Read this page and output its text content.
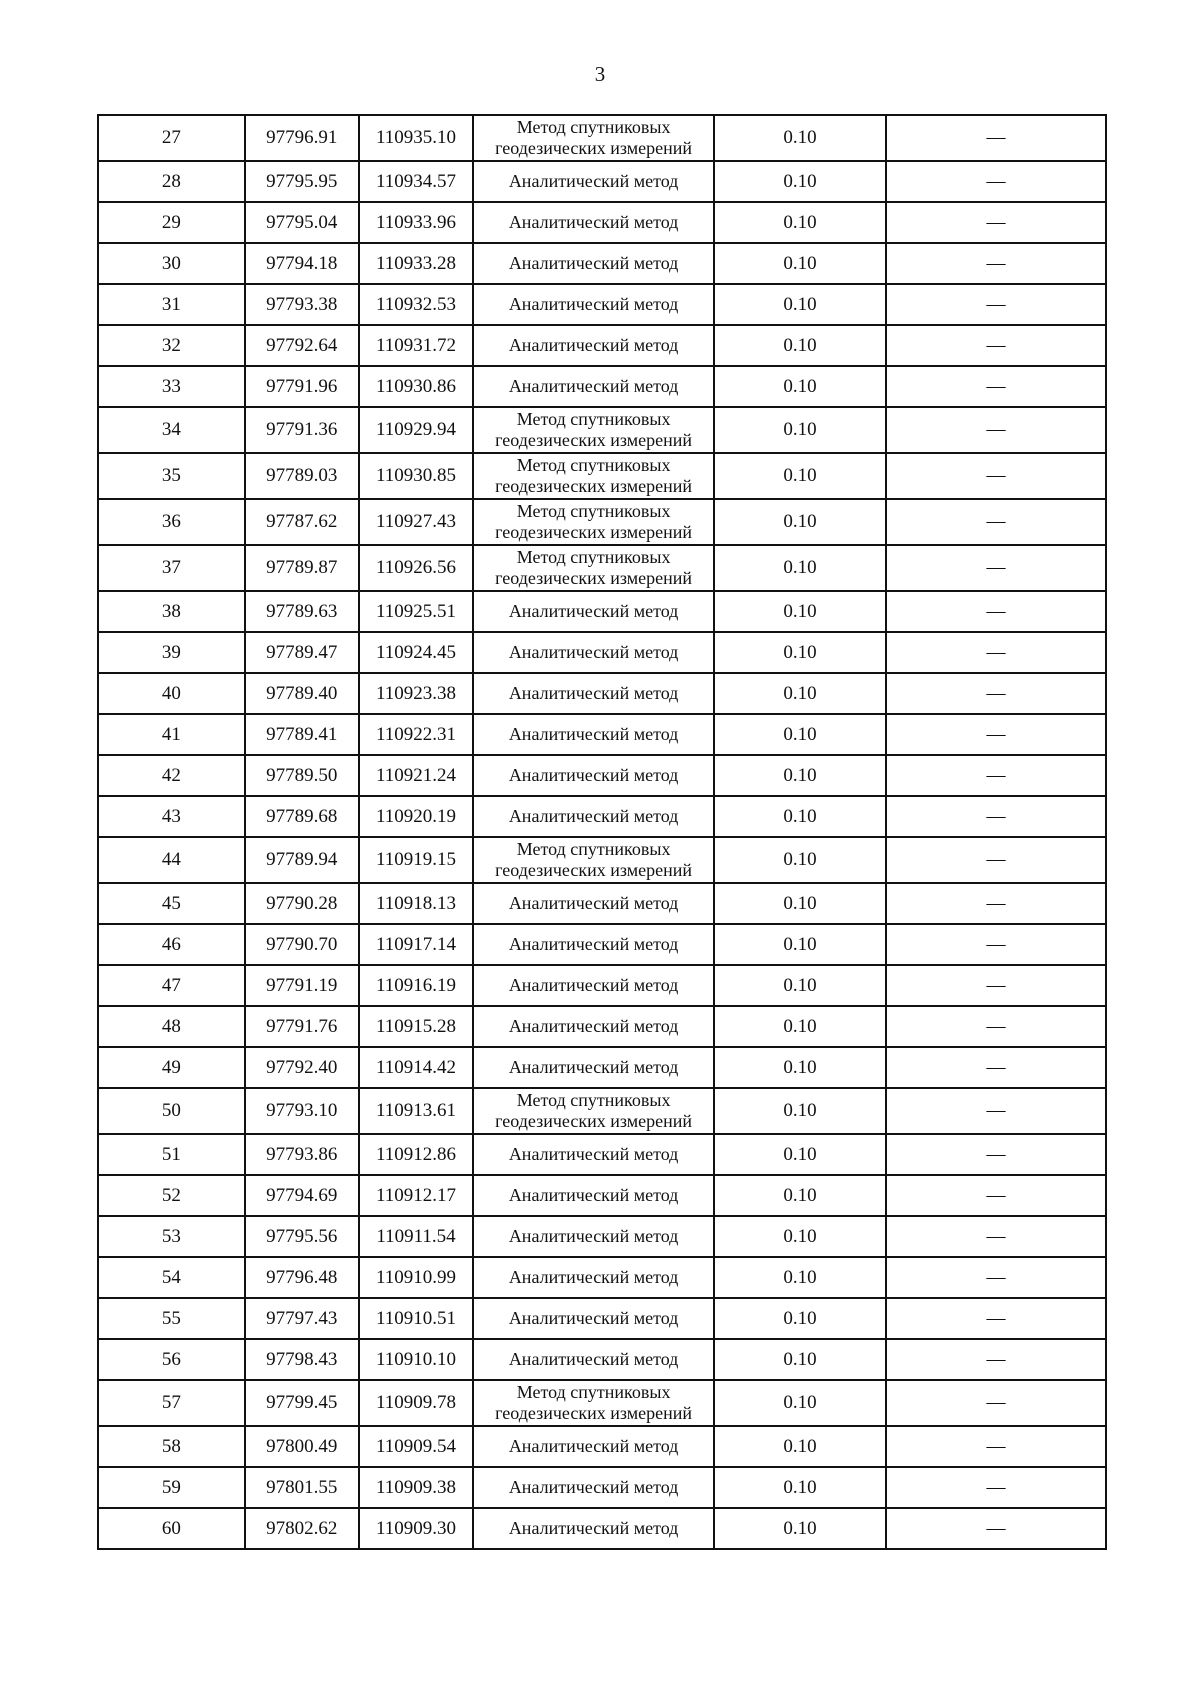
3
27	97796.91	110935.10	Метод спутниковых геодезических измерений	0.10	—
28	97795.95	110934.57	Аналитический метод	0.10	—
29	97795.04	110933.96	Аналитический метод	0.10	—
30	97794.18	110933.28	Аналитический метод	0.10	—
31	97793.38	110932.53	Аналитический метод	0.10	—
32	97792.64	110931.72	Аналитический метод	0.10	—
33	97791.96	110930.86	Аналитический метод	0.10	—
34	97791.36	110929.94	Метод спутниковых геодезических измерений	0.10	—
35	97789.03	110930.85	Метод спутниковых геодезических измерений	0.10	—
36	97787.62	110927.43	Метод спутниковых геодезических измерений	0.10	—
37	97789.87	110926.56	Метод спутниковых геодезических измерений	0.10	—
38	97789.63	110925.51	Аналитический метод	0.10	—
39	97789.47	110924.45	Аналитический метод	0.10	—
40	97789.40	110923.38	Аналитический метод	0.10	—
41	97789.41	110922.31	Аналитический метод	0.10	—
42	97789.50	110921.24	Аналитический метод	0.10	—
43	97789.68	110920.19	Аналитический метод	0.10	—
44	97789.94	110919.15	Метод спутниковых геодезических измерений	0.10	—
45	97790.28	110918.13	Аналитический метод	0.10	—
46	97790.70	110917.14	Аналитический метод	0.10	—
47	97791.19	110916.19	Аналитический метод	0.10	—
48	97791.76	110915.28	Аналитический метод	0.10	—
49	97792.40	110914.42	Аналитический метод	0.10	—
50	97793.10	110913.61	Метод спутниковых геодезических измерений	0.10	—
51	97793.86	110912.86	Аналитический метод	0.10	—
52	97794.69	110912.17	Аналитический метод	0.10	—
53	97795.56	110911.54	Аналитический метод	0.10	—
54	97796.48	110910.99	Аналитический метод	0.10	—
55	97797.43	110910.51	Аналитический метод	0.10	—
56	97798.43	110910.10	Аналитический метод	0.10	—
57	97799.45	110909.78	Метод спутниковых геодезических измерений	0.10	—
58	97800.49	110909.54	Аналитический метод	0.10	—
59	97801.55	110909.38	Аналитический метод	0.10	—
60	97802.62	110909.30	Аналитический метод	0.10	—
